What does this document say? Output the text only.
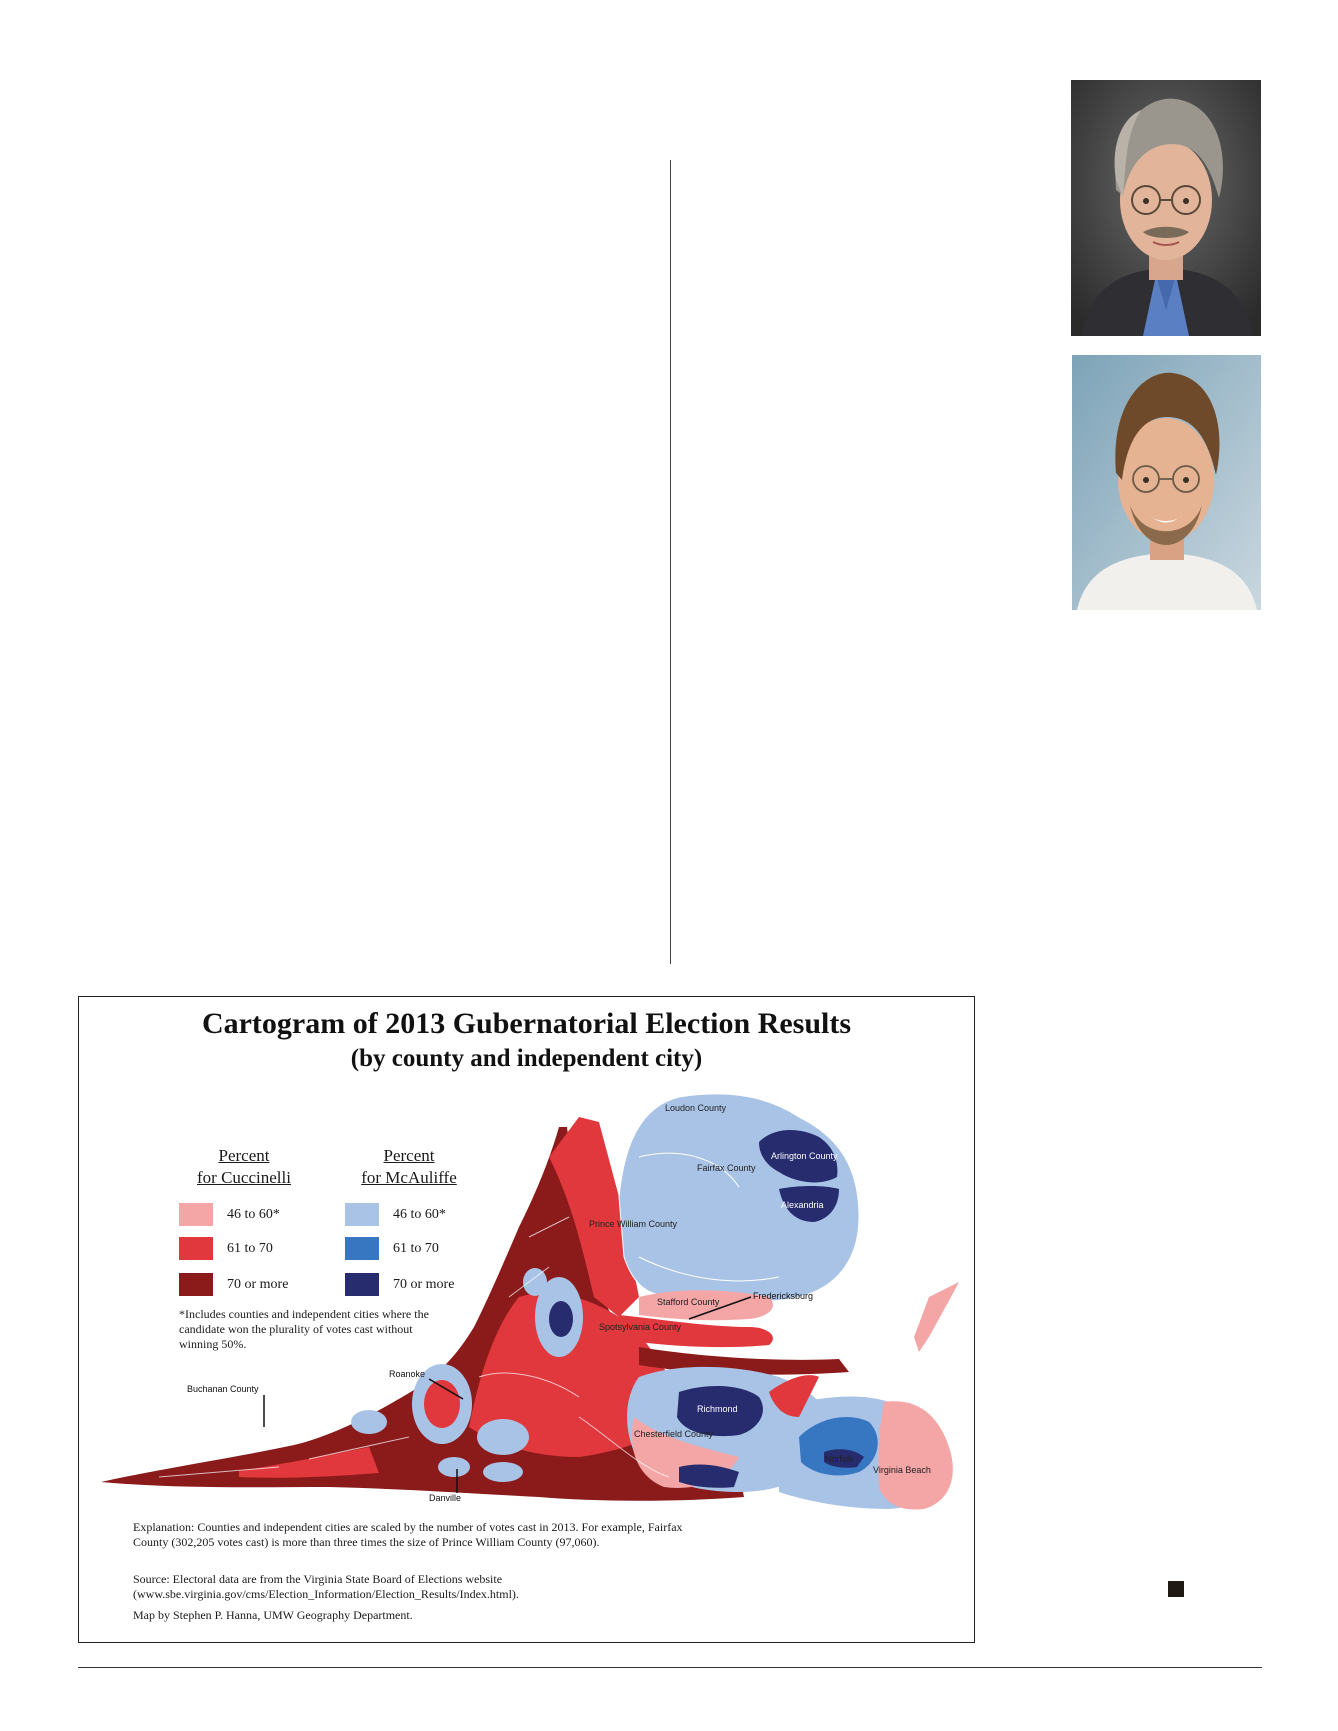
Cartogram of 2013 Gubernatorial Election Results
(by county and independent city)
Loudon County
Fairfax County
Arlington County
Alexandria
Prince William County
Stafford County
Fredericksburg
Spotsylvania County
Roanoke
Buchanan County
Richmond
Chesterfield County
Norfolk
Virginia Beach
Danville
Percent
for Cuccinelli
Percent
for McAuliffe
46 to 60*
61 to 70
70 or more
46 to 60*
61 to 70
70 or more
*Includes counties and independent cities where the candidate won the plurality of votes cast without winning 50%.
Explanation: Counties and independent cities are scaled by the number of votes cast in 2013. For example, Fairfax County (302,205 votes cast) is more than three times the size of Prince William County (97,060).
Source: Electoral data are from the Virginia State Board of Elections website (www.sbe.virginia.gov/cms/Election_Information/Election_Results/Index.html).
Map by Stephen P. Hanna, UMW Geography Department.
